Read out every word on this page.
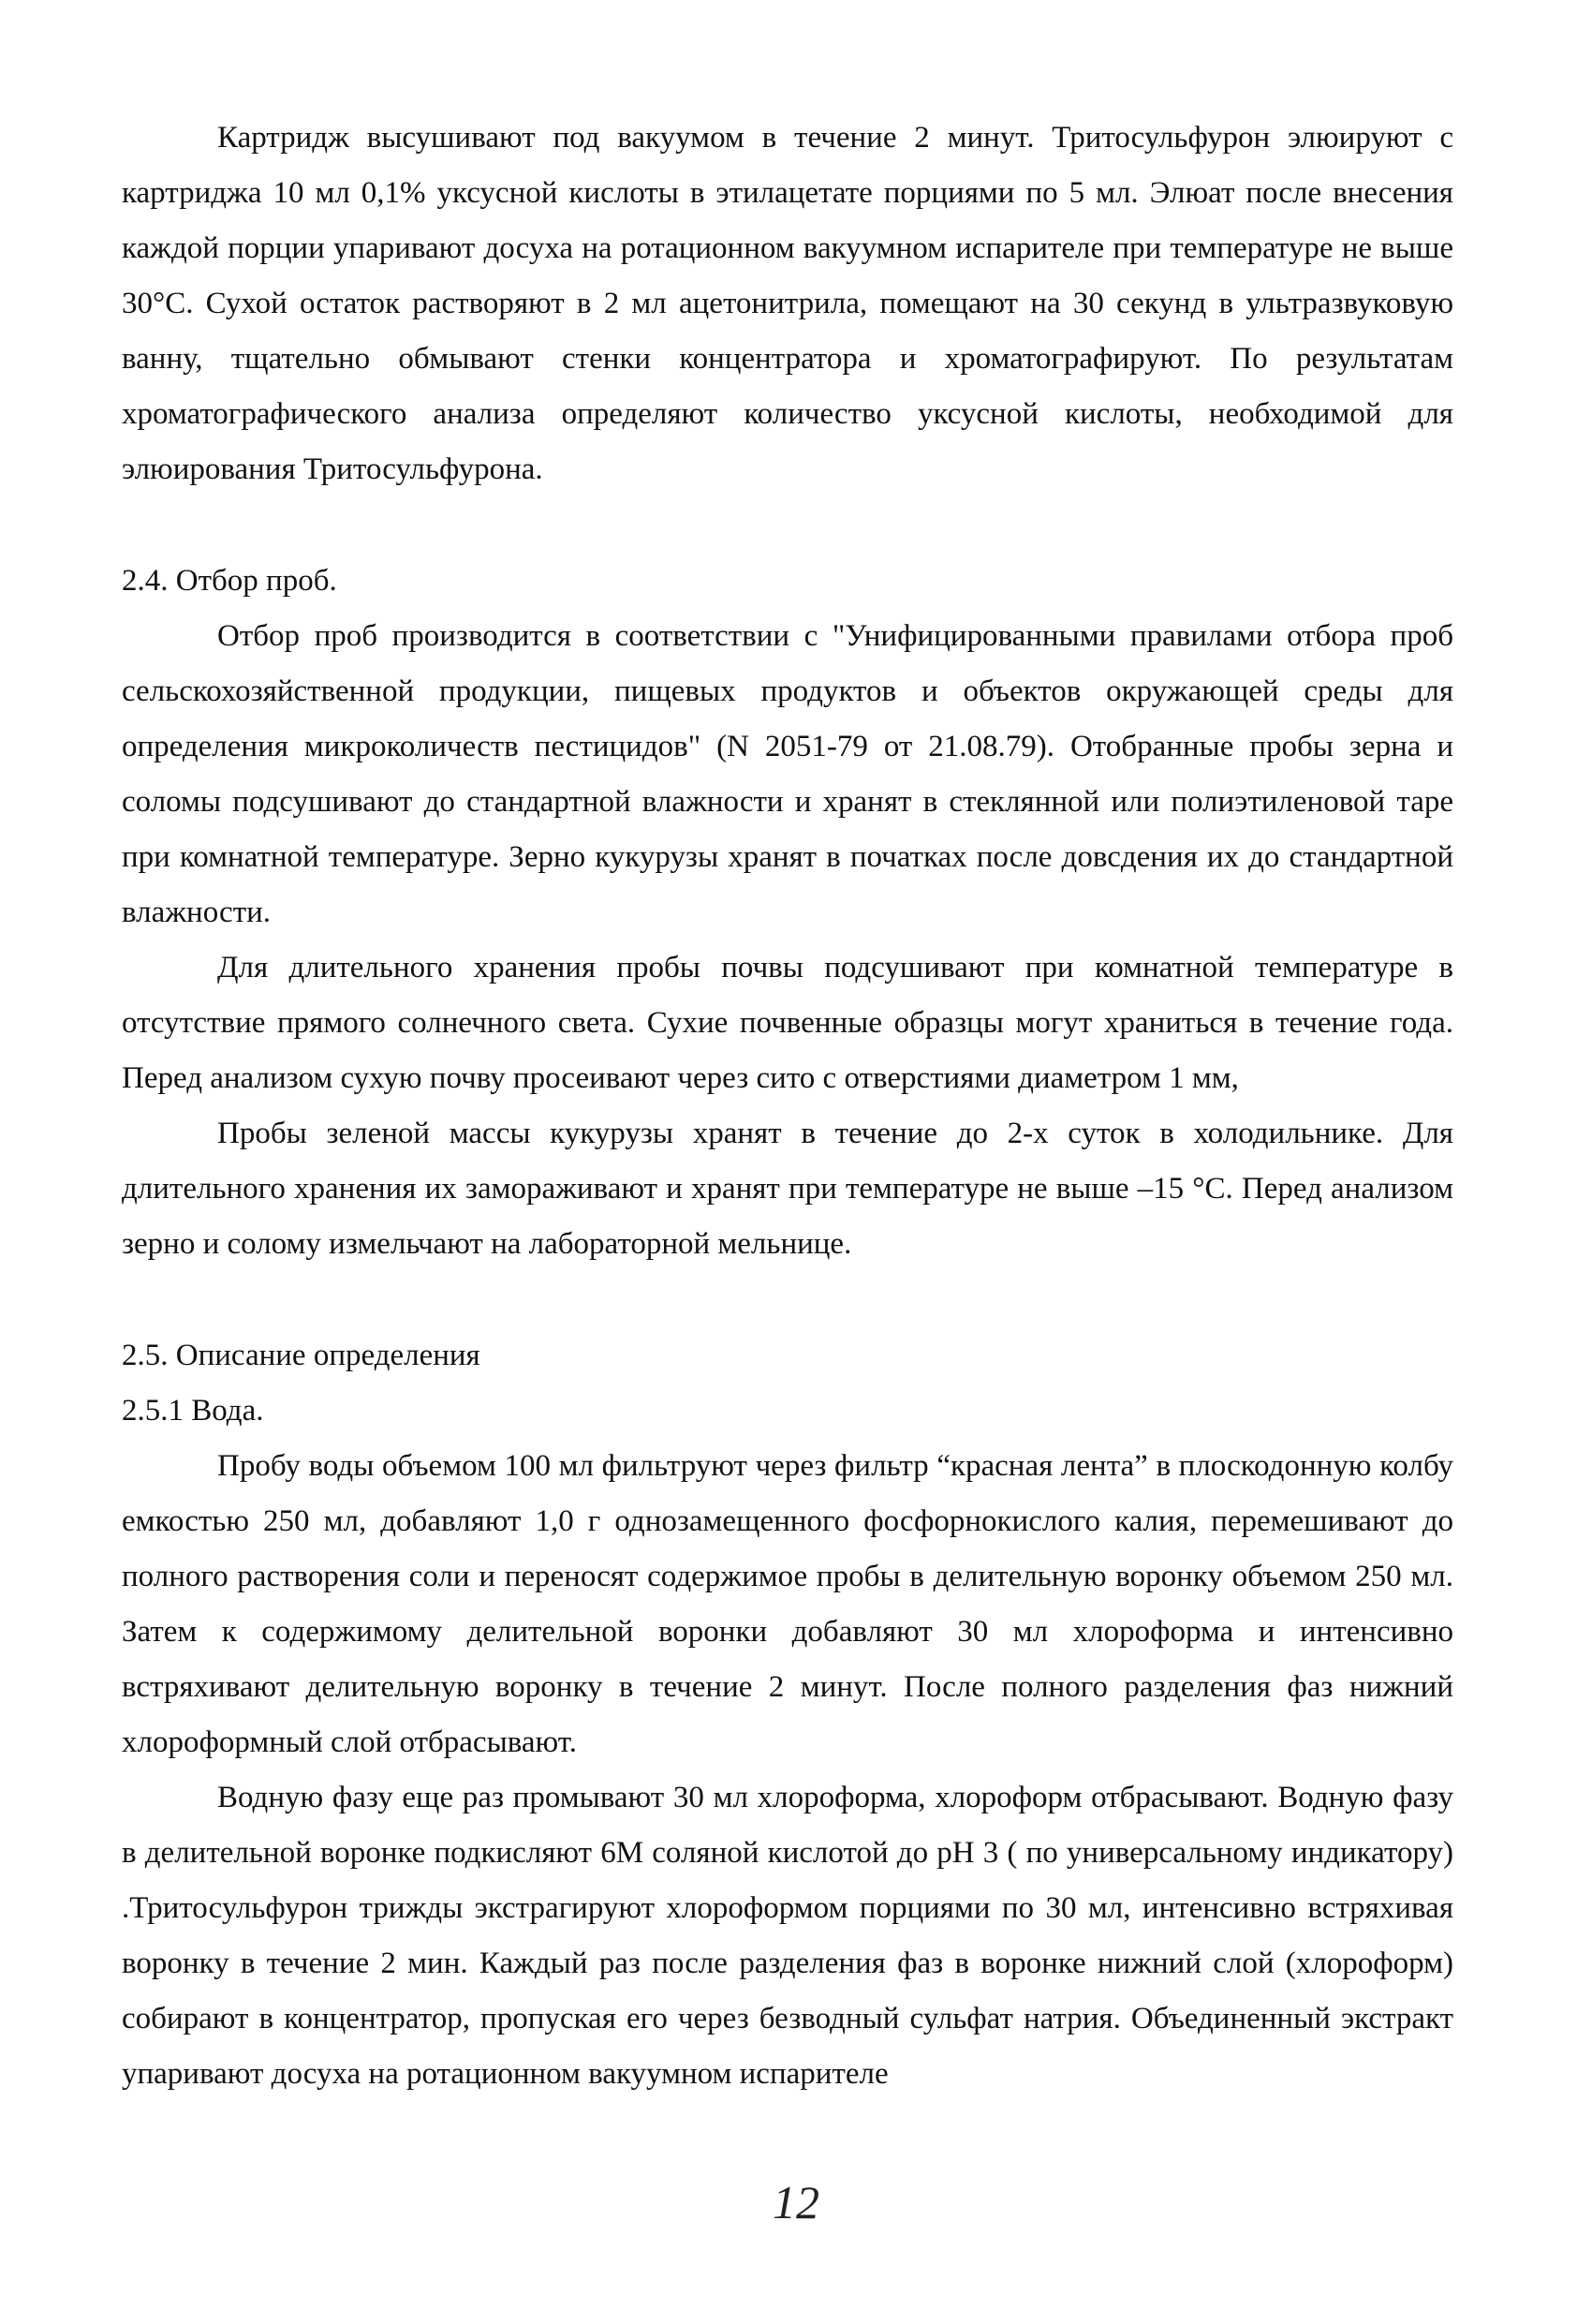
Картридж высушивают под вакуумом в течение 2 минут. Тритосульфурон элюируют с картриджа 10 мл 0,1% уксусной кислоты в этилацетате порциями по 5 мл. Элюат после внесения каждой порции упаривают досуха на ротационном вакуумном испарителе при температуре не выше 30°С. Сухой остаток растворяют в 2 мл ацетонитрила, помещают на 30 секунд в ультразвуковую ванну, тщательно обмывают стенки концентратора и хроматографируют. По результатам хроматографического анализа определяют количество уксусной кислоты, необходимой для элюирования Тритосульфурона.

2.4. Отбор проб.

Отбор проб производится в соответствии с "Унифицированными правилами отбора проб сельскохозяйственной продукции, пищевых продуктов и объектов окружающей среды для определения микроколичеств пестицидов" (N 2051-79 от 21.08.79). Отобранные пробы зерна и соломы подсушивают до стандартной влажности и хранят в стеклянной или полиэтиленовой таре при комнатной температуре. Зерно кукурузы хранят в початках после довсдения их до стандартной влажности.

Для длительного хранения пробы почвы подсушивают при комнатной температуре в отсутствие прямого солнечного света. Сухие почвенные образцы могут храниться в течение года. Перед анализом сухую почву просеивают через сито с отверстиями диаметром 1 мм,

Пробы зеленой массы кукурузы хранят в течение до 2-х суток в холодильнике. Для длительного хранения их замораживают и хранят при температуре не выше –15 °С. Перед анализом зерно и солому измельчают на лабораторной мельнице.

2.5. Описание определения

2.5.1 Вода.

Пробу воды объемом 100 мл фильтруют через фильтр “красная лента” в плоскодонную колбу емкостью 250 мл, добавляют 1,0 г однозамещенного фосфорнокислого калия, перемешивают до полного растворения соли и переносят содержимое пробы в делительную воронку объемом 250 мл. Затем к содержимому делительной воронки добавляют 30 мл хлороформа и интенсивно встряхивают делительную воронку в течение 2 минут. После полного разделения фаз нижний хлороформный слой отбрасывают.

Водную фазу еще раз промывают 30 мл хлороформа, хлороформ отбрасывают. Водную фазу в делительной воронке подкисляют 6М соляной кислотой до pH 3 ( по универсальному индикатору) .Тритосульфурон трижды экстрагируют хлороформом порциями по 30 мл, интенсивно встряхивая воронку в течение 2 мин. Каждый раз после разделения фаз в воронке нижний слой (хлороформ) собирают в концентратор, пропуская его через безводный сульфат натрия. Объединенный экстракт упаривают досуха на ротационном вакуумном испарителе

12
